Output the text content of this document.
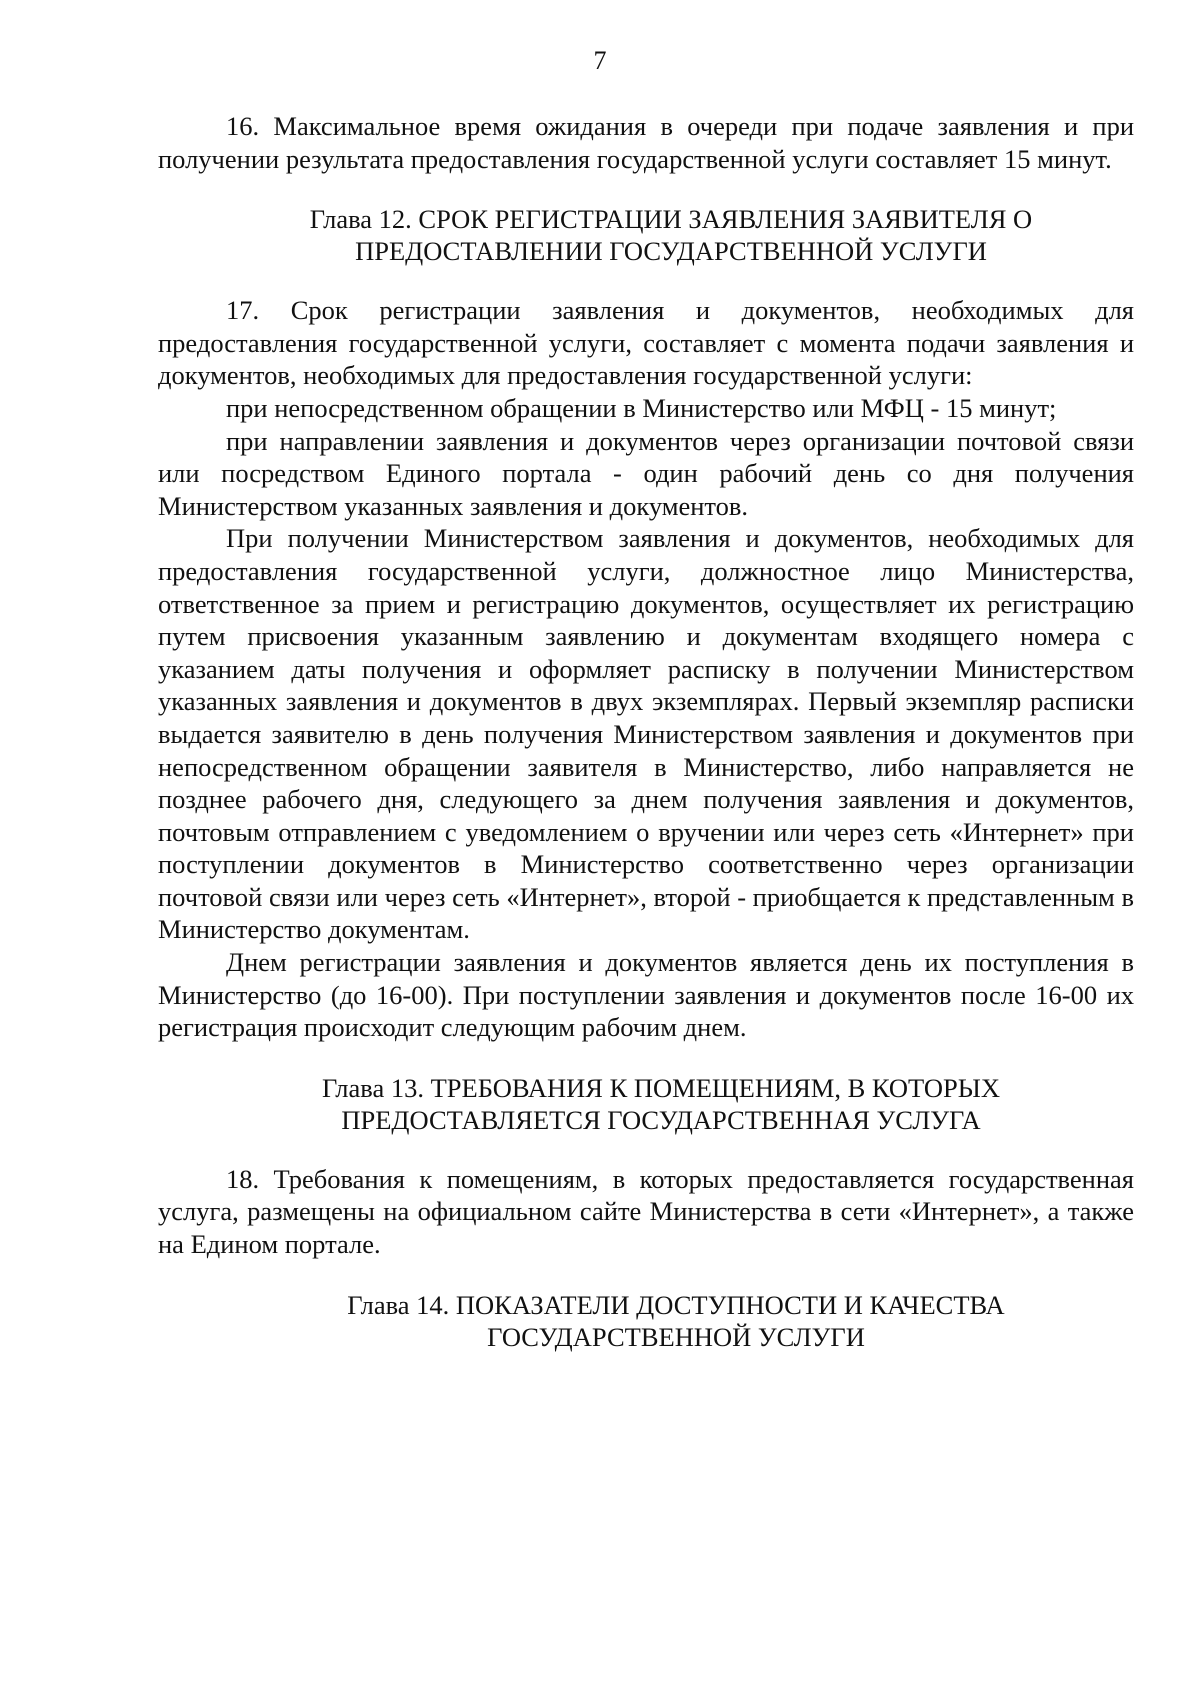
7

16. Максимальное время ожидания в очереди при подаче заявления и при получении результата предоставления государственной услуги составляет 15 минут.

Глава 12. СРОК РЕГИСТРАЦИИ ЗАЯВЛЕНИЯ ЗАЯВИТЕЛЯ О
ПРЕДОСТАВЛЕНИИ ГОСУДАРСТВЕННОЙ УСЛУГИ

17. Срок регистрации заявления и документов, необходимых для предоставления государственной услуги, составляет с момента подачи заявления и документов, необходимых для предоставления государственной услуги:

при непосредственном обращении в Министерство или МФЦ - 15 минут;

при направлении заявления и документов через организации почтовой связи или посредством Единого портала - один рабочий день со дня получения Министерством указанных заявления и документов.

При получении Министерством заявления и документов, необходимых для предоставления государственной услуги, должностное лицо Министерства, ответственное за прием и регистрацию документов, осуществляет их регистрацию путем присвоения указанным заявлению и документам входящего номера с указанием даты получения и оформляет расписку в получении Министерством указанных заявления и документов в двух экземплярах. Первый экземпляр расписки выдается заявителю в день получения Министерством заявления и документов при непосредственном обращении заявителя в Министерство, либо направляется не позднее рабочего дня, следующего за днем получения заявления и документов, почтовым отправлением с уведомлением о вручении или через сеть «Интернет» при поступлении документов в Министерство соответственно через организации почтовой связи или через сеть «Интернет», второй - приобщается к представленным в Министерство документам.

Днем регистрации заявления и документов является день их поступления в Министерство (до 16-00). При поступлении заявления и документов после 16-00 их регистрация происходит следующим рабочим днем.

Глава 13. ТРЕБОВАНИЯ К ПОМЕЩЕНИЯМ, В КОТОРЫХ
ПРЕДОСТАВЛЯЕТСЯ ГОСУДАРСТВЕННАЯ УСЛУГА

18. Требования к помещениям, в которых предоставляется государственная услуга, размещены на официальном сайте Министерства в сети «Интернет», а также на Едином портале.

Глава 14. ПОКАЗАТЕЛИ ДОСТУПНОСТИ И КАЧЕСТВА
ГОСУДАРСТВЕННОЙ УСЛУГИ
